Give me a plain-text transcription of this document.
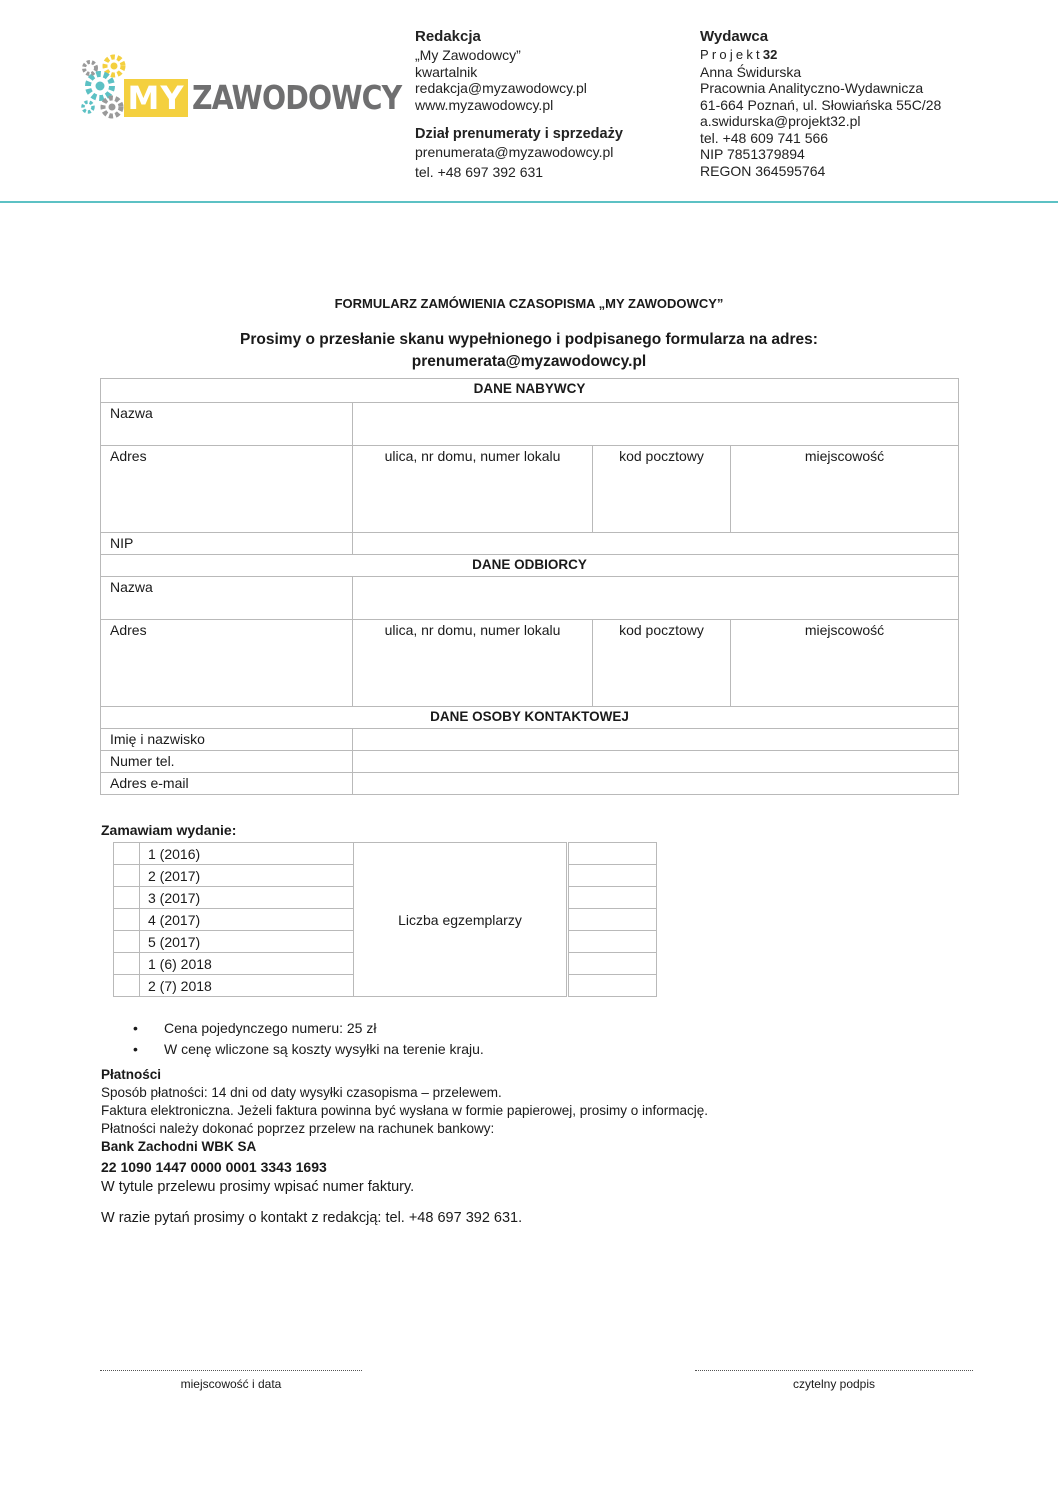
MY ZAWODOWCY
Redakcja
„My Zawodowcy”
kwartalnik
redakcja@myzawodowcy.pl
www.myzawodowcy.pl
Dział prenumeraty i sprzedaży
prenumerata@myzawodowcy.pl
tel. +48 697 392 631
Wydawca
Projekt32
Anna Świdurska
Pracownia Analityczno-Wydawnicza
61-664 Poznań, ul. Słowiańska 55C/28
a.swidurska@projekt32.pl
tel. +48 609 741 566
NIP 7851379894
REGON 364595764
FORMULARZ ZAMÓWIENIA CZASOPISMA „MY ZAWODOWCY”
Prosimy o przesłanie skanu wypełnionego i podpisanego formularza na adres:
prenumerata@myzawodowcy.pl
DANE NABYWCY			
Nazwa			
Adres	ulica, nr domu, numer lokalu	kod pocztowy	miejscowość
NIP			
DANE ODBIORCY			
Nazwa			
Adres	ulica, nr domu, numer lokalu	kod pocztowy	miejscowość
DANE OSOBY KONTAKTOWEJ			
Imię i nazwisko			
Numer tel.			
Adres e-mail			
Zamawiam wydanie:
	1 (2016)	Liczba egzemplarzy		
	2 (2017)			
	3 (2017)			
	4 (2017)			
	5 (2017)			
	1 (6) 2018			
	2 (7) 2018			
• Cena pojedynczego numeru: 25 zł
• W cenę wliczone są koszty wysyłki na terenie kraju.
Płatności
Sposób płatności: 14 dni od daty wysyłki czasopisma – przelewem.
Faktura elektroniczna. Jeżeli faktura powinna być wysłana w formie papierowej, prosimy o informację.
Płatności należy dokonać poprzez przelew na rachunek bankowy:
Bank Zachodni WBK SA
22 1090 1447 0000 0001 3343 1693
W tytule przelewu prosimy wpisać numer faktury.
W razie pytań prosimy o kontakt z redakcją: tel. +48 697 392 631.
miejscowość i data	czytelny podpis
